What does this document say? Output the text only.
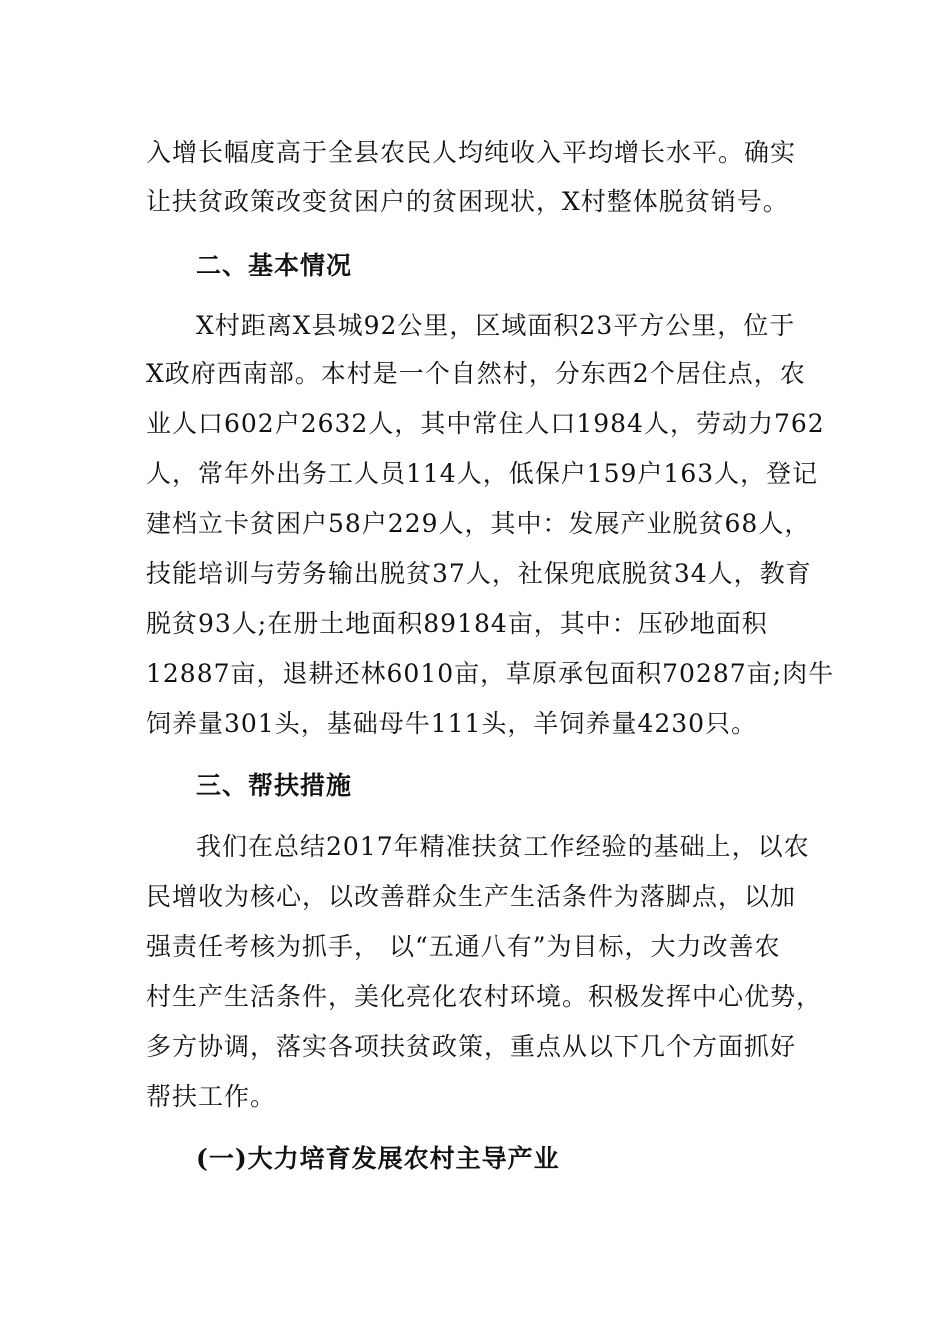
入增长幅度高于全县农民人均纯收入平均增长水平。确实
让扶贫政策改变贫困户的贫困现状，X村整体脱贫销号。
二、基本情况
X村距离X县城92公里，区域面积23平方公里，位于
X政府西南部。本村是一个自然村，分东西2个居住点，农
业人口602户2632人，其中常住人口1984人，劳动力762
人，常年外出务工人员114人，低保户159户163人，登记
建档立卡贫困户58户229人，其中：发展产业脱贫68人，
技能培训与劳务输出脱贫37人，社保兜底脱贫34人，教育
脱贫93人;在册土地面积89184亩，其中：压砂地面积
12887亩，退耕还林6010亩，草原承包面积70287亩;肉牛
饲养量301头，基础母牛111头，羊饲养量4230只。
三、帮扶措施
我们在总结2017年精准扶贫工作经验的基础上，以农
民增收为核心，以改善群众生产生活条件为落脚点，以加
强责任考核为抓手， 以“五通八有”为目标，大力改善农
村生产生活条件，美化亮化农村环境。积极发挥中心优势，
多方协调，落实各项扶贫政策，重点从以下几个方面抓好
帮扶工作。
(一)大力培育发展农村主导产业
